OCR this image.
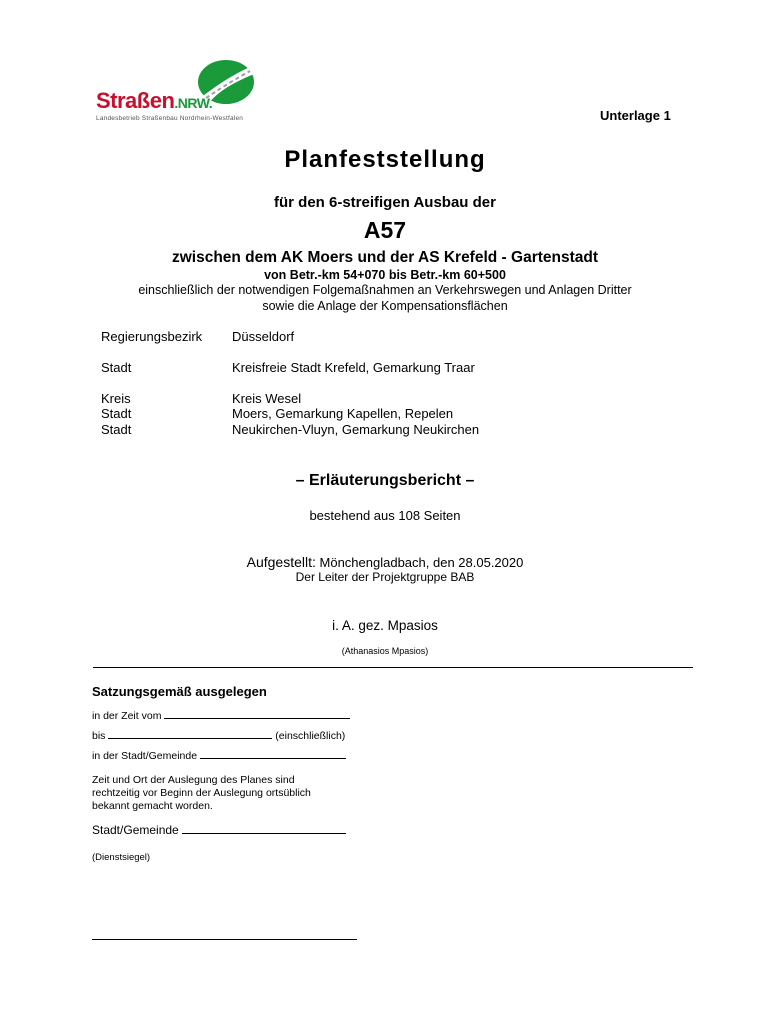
Straßen.NRW.
Landesbetrieb Straßenbau Nordrhein-Westfalen	Unterlage 1
Planfeststellung
für den 6-streifigen Ausbau der
A57
zwischen dem AK Moers und der AS Krefeld - Gartenstadt
von Betr.-km 54+070 bis Betr.-km 60+500
einschließlich der notwendigen Folgemaßnahmen an Verkehrswegen und Anlagen Dritter
sowie die Anlage der Kompensationsflächen
Regierungsbezirk Düsseldorf
Stadt	Kreisfreie Stadt Krefeld, Gemarkung Traar
Kreis	Kreis Wesel
Stadt	Moers, Gemarkung Kapellen, Repelen
Stadt	Neukirchen-Vluyn, Gemarkung Neukirchen
– Erläuterungsbericht –
bestehend aus 108 Seiten
Aufgestellt: Mönchengladbach, den 28.05.2020
Der Leiter der Projektgruppe BAB
i. A. gez. Mpasios
(Athanasios Mpasios)
Satzungsgemäß ausgelegen
in der Zeit vom
bis	(einschließlich)
in der Stadt/Gemeinde
Zeit und Ort der Auslegung des Planes sind
rechtzeitig vor Beginn der Auslegung ortsüblich
bekannt gemacht worden.
Stadt/Gemeinde
(Dienstsiegel)
